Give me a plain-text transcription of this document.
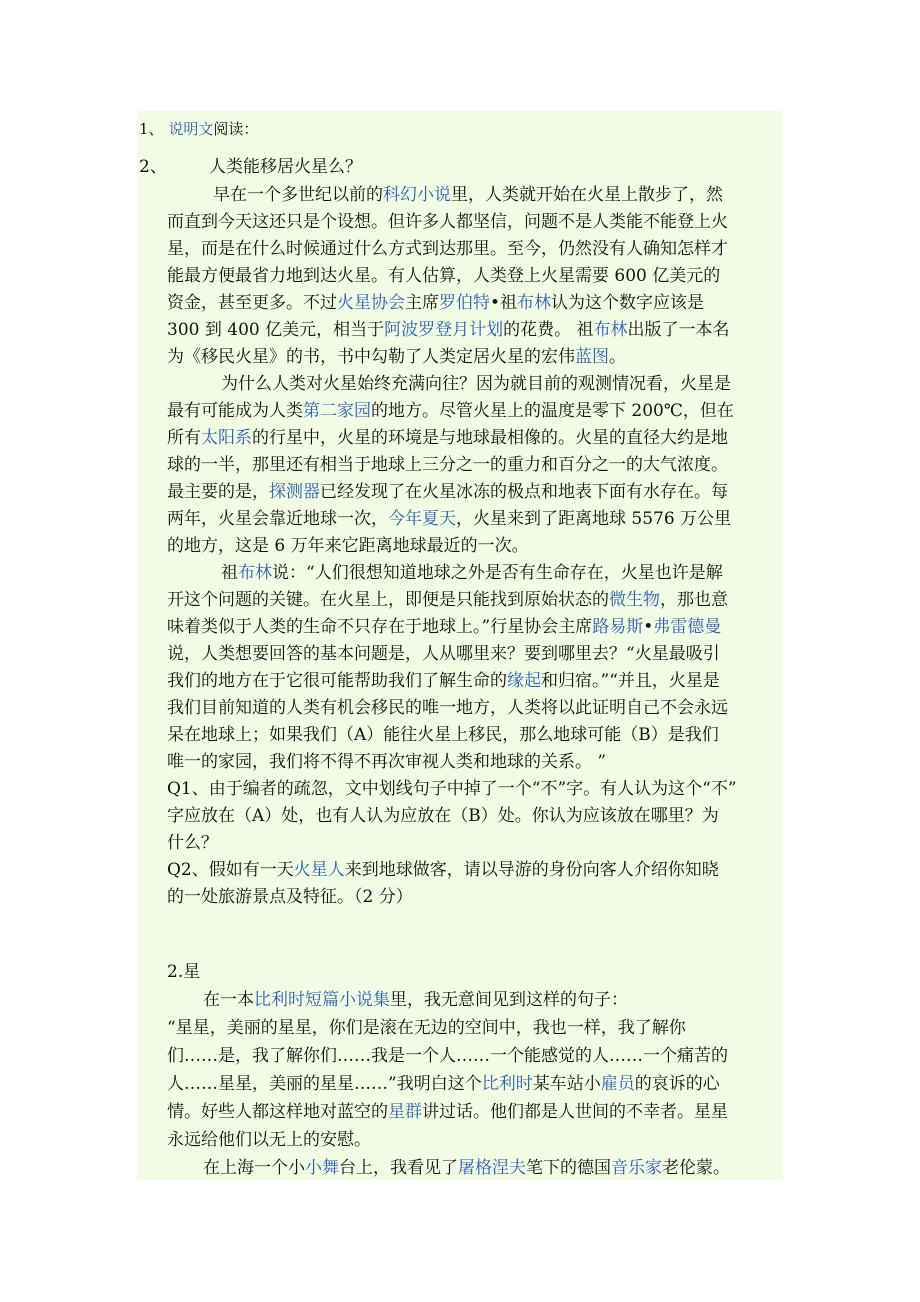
1、 说明文阅读：
2、 人类能移居火星么？
早在一个多世纪以前的科幻小说里，人类就开始在火星上散步了，然
而直到今天这还只是个设想。但许多人都坚信，问题不是人类能不能登上火
星，而是在什么时候通过什么方式到达那里。至今，仍然没有人确知怎样才
能最方便最省力地到达火星。有人估算，人类登上火星需要 600 亿美元的
资金，甚至更多。不过火星协会主席罗伯特•祖布林认为这个数字应该是
300 到 400 亿美元，相当于阿波罗登月计划的花费。 祖布林出版了一本名
为《移民火星》的书，书中勾勒了人类定居火星的宏伟蓝图。
为什么人类对火星始终充满向往？因为就目前的观测情况看，火星是
最有可能成为人类第二家园的地方。尽管火星上的温度是零下 200℃，但在
所有太阳系的行星中，火星的环境是与地球最相像的。火星的直径大约是地
球的一半，那里还有相当于地球上三分之一的重力和百分之一的大气浓度。
最主要的是，探测器已经发现了在火星冰冻的极点和地表下面有水存在。每
两年，火星会靠近地球一次，今年夏天，火星来到了距离地球 5576 万公里
的地方，这是 6 万年来它距离地球最近的一次。
祖布林说：“人们很想知道地球之外是否有生命存在，火星也许是解
开这个问题的关键。在火星上，即便是只能找到原始状态的微生物，那也意
味着类似于人类的生命不只存在于地球上。”行星协会主席路易斯•弗雷德曼
说，人类想要回答的基本问题是，人从哪里来？要到哪里去？“火星最吸引
我们的地方在于它很可能帮助我们了解生命的缘起和归宿。”“并且，火星是
我们目前知道的人类有机会移民的唯一地方，人类将以此证明自己不会永远
呆在地球上；如果我们（A）能往火星上移民，那么地球可能（B）是我们
唯一的家园，我们将不得不再次审视人类和地球的关系。 ”
Q1、由于编者的疏忽，文中划线句子中掉了一个“不”字。有人认为这个“不”
字应放在（A）处，也有人认为应放在（B）处。你认为应该放在哪里？为
什么？
Q2、假如有一天火星人来到地球做客，请以导游的身份向客人介绍你知晓
的一处旅游景点及特征。（2 分）
2.星
在一本比利时短篇小说集里，我无意间见到这样的句子：
“星星，美丽的星星，你们是滚在无边的空间中，我也一样，我了解你
们……是，我了解你们……我是一个人……一个能感觉的人……一个痛苦的
人……星星，美丽的星星……”我明白这个比利时某车站小雇员的哀诉的心
情。好些人都这样地对蓝空的星群讲过话。他们都是人世间的不幸者。星星
永远给他们以无上的安慰。
在上海一个小小舞台上，我看见了屠格涅夫笔下的德国音乐家老伦蒙。
